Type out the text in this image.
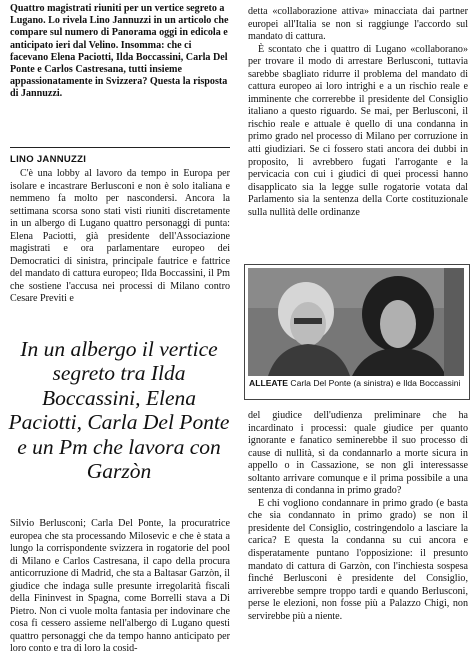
Quattro magistrati riuniti per un vertice segreto a Lugano. Lo rivela Lino Jannuzzi in un articolo che compare sul numero di Panorama oggi in edicola e anticipato ieri dal Velino. Insomma: che ci facevano Elena Paciotti, Ilda Boccassini, Carla Del Ponte e Carlos Castresana, tutti insieme appassionatamente in Svizzera? Questa la risposta di Jannuzzi.
LINO JANNUZZI
C'è una lobby al lavoro da tempo in Europa per isolare e incastrare Berlusconi e non è solo italiana e nemmeno fa molto per nascondersi. Ancora la settimana scorsa sono stati visti riuniti discretamente in un albergo di Lugano quattro personaggi di punta: Elena Paciotti, già presidente dell'Associazione magistrati e ora parlamentare europeo dei Democratici di sinistra, principale fautrice e fattrice del mandato di cattura europeo; Ilda Boccassini, il Pm che sostiene l'accusa nei processi di Milano contro Cesare Previti e
In un albergo il vertice segreto tra Ilda Boccassini, Elena Paciotti, Carla Del Ponte e un Pm che lavora con Garzòn
Silvio Berlusconi; Carla Del Ponte, la procuratrice europea che sta processando Milosevic e che è stata a lungo la corrispondente svizzera in rogatorie del pool di Milano e Carlos Castresana, il capo della procura anticorruzione di Madrid, che sta a Baltasar Garzòn, il giudice che indaga sulle presunte irregolarità fiscali della Fininvest in Spagna, come Borrelli stava a Di Pietro. Non ci vuole molta fantasia per indovinare che cosa fi cessero assieme nell'albergo di Lugano questi quattro personaggi che da tempo hanno anticipato per loro conto e tra di loro la cosid-

detta «collaborazione attiva» minacciata dai partner europei all'Italia se non si raggiunge l'accordo sul mandato di cattura.

È scontato che i quattro di Lugano «collaborano» per trovare il modo di arrestare Berlusconi, tuttavia sarebbe sbagliato ridurre il problema del mandato di cattura europeo ai loro intrighi e a un rischio reale e imminente che correrebbe il presidente del Consiglio italiano a questo riguardo. Se mai, per Berlusconi, il rischio reale e attuale è quello di una condanna in primo grado nel processo di Milano per corruzione in atti giudiziari. Se ci fossero stati ancora dei dubbi in proposito, li avrebbero fugati l'arrogante e la pervicacia con cui i giudici di quei processi hanno disapplicato sia la legge sulle rogatorie votata dal Parlamento sia la sentenza della Corte costituzionale sulla nullità delle ordinanze

ALLEATE Carla Del Ponte (a sinistra) e Ilda Boccassini

del giudice dell'udienza preliminare che ha incardinato i processi: quale giudice per quanto ignorante e fanatico seminerebbe il suo processo di cause di nullità, sì da condannarlo a morte sicura in appello o in Cassazione, se non gli interessasse soltanto arrivare comunque e il prima possibile a una sentenza di condanna in primo grado?

E chi vogliono condannare in primo grado (e basta che sia condannato in primo grado) se non il presidente del Consiglio, costringendolo a lasciare la carica? E questa la condanna su cui ancora e disperatamente puntano l'opposizione: il presunto mandato di cattura di Garzòn, con l'inchiesta sospesa finché Berlusconi è presidente del Consiglio, arriverebbe sempre troppo tardi e quando Berlusconi, perse le elezioni, non fosse più a Palazzo Chigi, non servirebbe più a niente.
